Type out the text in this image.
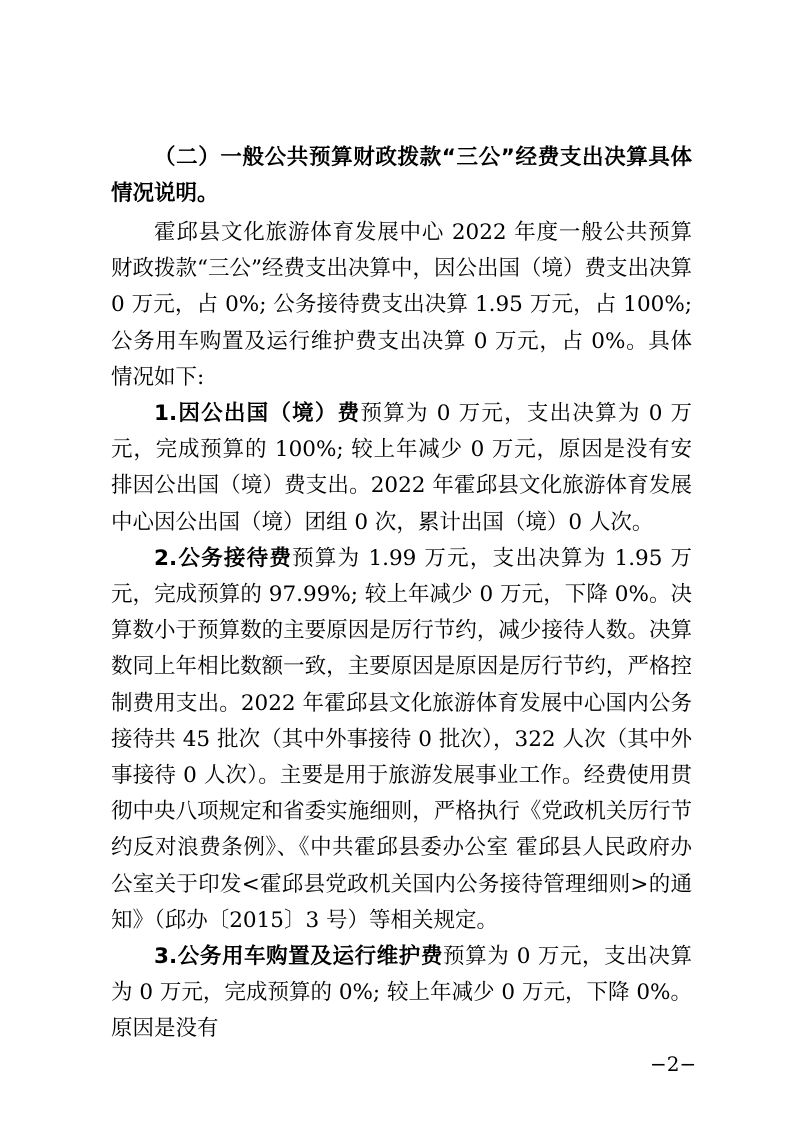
（二）一般公共预算财政拨款“三公”经费支出决算具体情况说明。

霍邱县文化旅游体育发展中心 2022 年度一般公共预算财政拨款“三公”经费支出决算中，因公出国（境）费支出决算 0 万元，占 0%; 公务接待费支出决算 1.95 万元，占 100%; 公务用车购置及运行维护费支出决算 0 万元，占 0%。具体情况如下:

1.因公出国（境）费预算为 0 万元，支出决算为 0 万元，完成预算的 100%; 较上年减少 0 万元，原因是没有安排因公出国（境）费支出。2022 年霍邱县文化旅游体育发展中心因公出国（境）团组 0 次，累计出国（境）0 人次。

2.公务接待费预算为 1.99 万元，支出决算为 1.95 万元，完成预算的 97.99%; 较上年减少 0 万元，下降 0%。决算数小于预算数的主要原因是厉行节约，减少接待人数。决算数同上年相比数额一致，主要原因是原因是厉行节约，严格控制费用支出。2022 年霍邱县文化旅游体育发展中心国内公务接待共 45 批次（其中外事接待 0 批次），322 人次（其中外事接待 0 人次）。主要是用于旅游发展事业工作。经费使用贯彻中央八项规定和省委实施细则，严格执行《党政机关厉行节约反对浪费条例》、《中共霍邱县委办公室 霍邱县人民政府办公室关于印发<霍邱县党政机关国内公务接待管理细则>的通知》（邱办〔2015〕3 号）等相关规定。

3.公务用车购置及运行维护费预算为 0 万元，支出决算为 0 万元，完成预算的 0%; 较上年减少 0 万元，下降 0%。原因是没有

−2−
